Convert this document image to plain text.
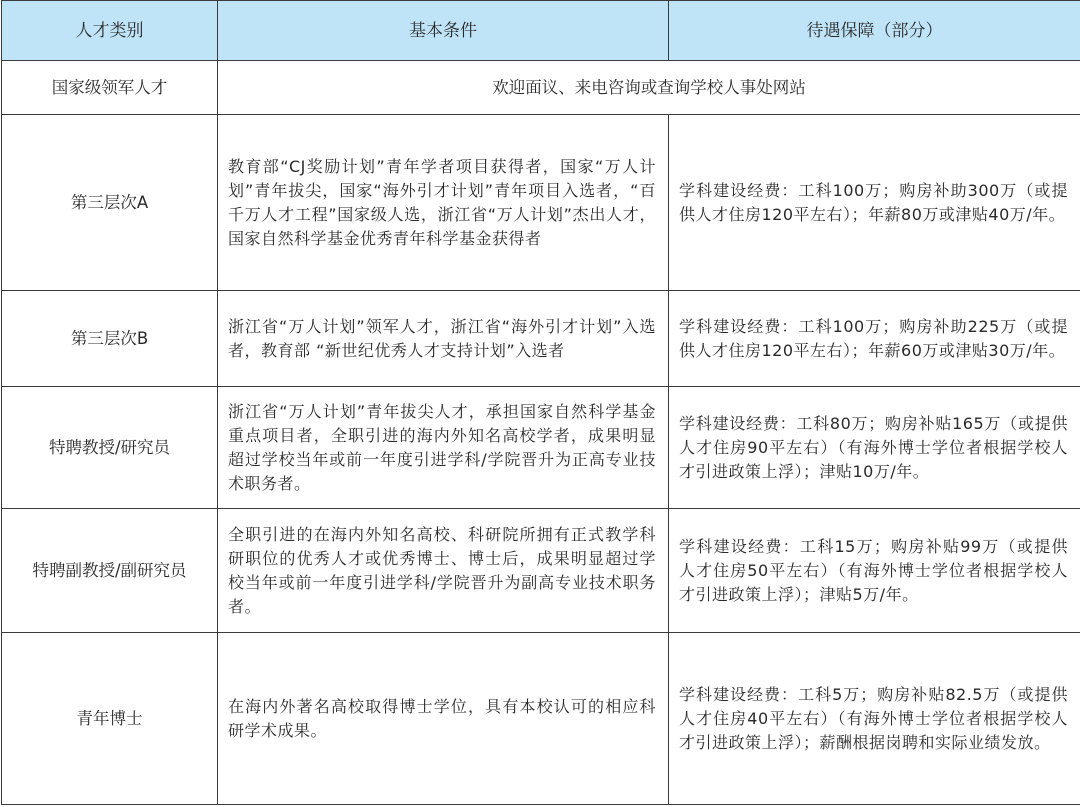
人才类别	基本条件	待遇保障（部分）
国家级领军人才	欢迎面议、来电咨询或查询学校人事处网站	
第三层次A	教育部“CJ奖励计划”青年学者项目获得者，国家“万人计划”青年拔尖，国家“海外引才计划”青年项目入选者，“百千万人才工程”国家级人选，浙江省“万人计划”杰出人才，国家自然科学基金优秀青年科学基金获得者	学科建设经费：工科100万；购房补助300万（或提供人才住房120平左右）；年薪80万或津贴40万/年。
第三层次B	浙江省“万人计划”领军人才，浙江省“海外引才计划”入选者，教育部 “新世纪优秀人才支持计划”入选者	学科建设经费：工科100万；购房补助225万（或提供人才住房120平左右）；年薪60万或津贴30万/年。
特聘教授/研究员	浙江省“万人计划”青年拔尖人才，承担国家自然科学基金重点项目者，全职引进的海内外知名高校学者，成果明显超过学校当年或前一年度引进学科/学院晋升为正高专业技术职务者。	学科建设经费：工科80万；购房补贴165万（或提供人才住房90平左右）（有海外博士学位者根据学校人才引进政策上浮）；津贴10万/年。
特聘副教授/副研究员	全职引进的在海内外知名高校、科研院所拥有正式教学科研职位的优秀人才或优秀博士、博士后，成果明显超过学校当年或前一年度引进学科/学院晋升为副高专业技术职务者。	学科建设经费：工科15万；购房补贴99万（或提供人才住房50平左右）（有海外博士学位者根据学校人才引进政策上浮）；津贴5万/年。
青年博士	在海内外著名高校取得博士学位，具有本校认可的相应科研学术成果。	学科建设经费：工科5万；购房补贴82.5万（或提供人才住房40平左右）（有海外博士学位者根据学校人才引进政策上浮）；薪酬根据岗聘和实际业绩发放。
